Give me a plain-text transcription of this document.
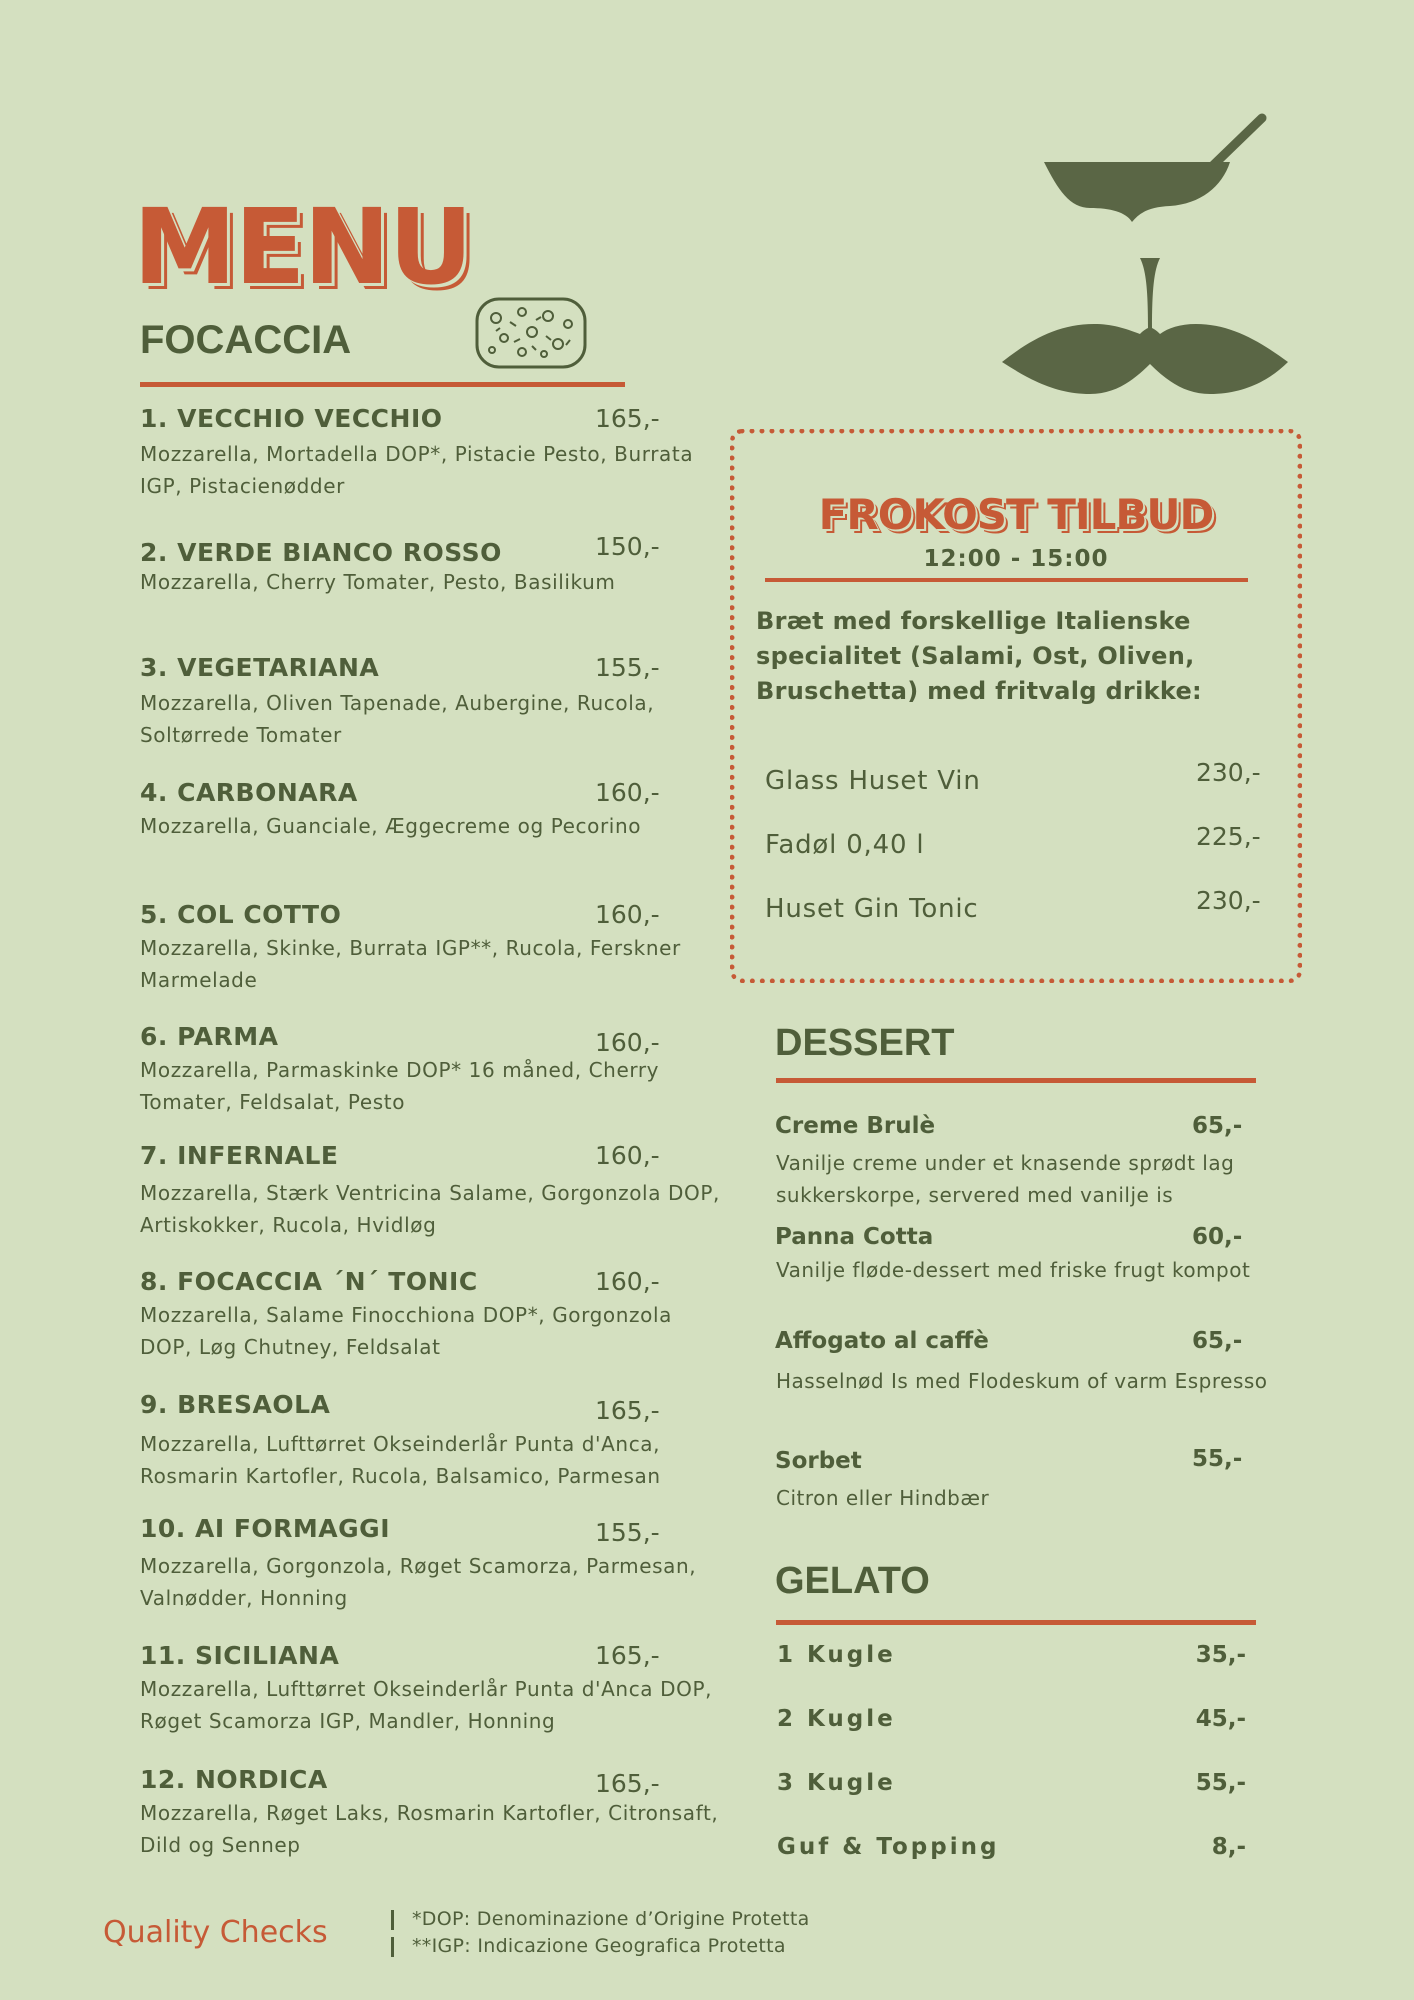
MENU
FOCACCIA
1. VECCHIO VECCHIO	165,-
Mozzarella, Mortadella DOP*, Pistacie Pesto, Burrata IGP, Pistacienødder
2. VERDE BIANCO ROSSO	150,-
Mozzarella, Cherry Tomater, Pesto, Basilikum
3. VEGETARIANA	155,-
Mozzarella, Oliven Tapenade, Aubergine, Rucola, Soltørrede Tomater
4. CARBONARA	160,-
Mozzarella, Guanciale, Æggecreme og Pecorino
5. COL COTTO	160,-
Mozzarella, Skinke, Burrata IGP**, Rucola, Ferskner Marmelade
6. PARMA	160,-
Mozzarella, Parmaskinke DOP* 16 måned, Cherry Tomater, Feldsalat, Pesto
7. INFERNALE	160,-
Mozzarella, Stærk Ventricina Salame, Gorgonzola DOP, Artiskokker, Rucola, Hvidløg
8. FOCACCIA ´N´ TONIC	160,-
Mozzarella, Salame Finocchiona DOP*, Gorgonzola DOP, Løg Chutney, Feldsalat
9. BRESAOLA	165,-
Mozzarella, Lufttørret Okseinderlår Punta d'Anca, Rosmarin Kartofler, Rucola, Balsamico, Parmesan
10. AI FORMAGGI	155,-
Mozzarella, Gorgonzola, Røget Scamorza, Parmesan, Valnødder, Honning
11. SICILIANA	165,-
Mozzarella, Lufttørret Okseinderlår Punta d'Anca DOP, Røget Scamorza IGP, Mandler, Honning
12. NORDICA	165,-
Mozzarella, Røget Laks, Rosmarin Kartofler, Citronsaft, Dild og Sennep
FROKOST TILBUD
12:00 - 15:00
Bræt med forskellige Italienske specialitet (Salami, Ost, Oliven, Bruschetta) med fritvalg drikke:
Glass Huset Vin	230,-
Fadøl 0,40 l	225,-
Huset Gin Tonic	230,-
DESSERT
Creme Brulè	65,-
Vanilje creme under et knasende sprødt lag sukkerskorpe, servered med vanilje is
Panna Cotta	60,-
Vanilje fløde-dessert med friske frugt kompot
Affogato al caffè	65,-
Hasselnød Is med Flodeskum of varm Espresso
Sorbet	55,-
Citron eller Hindbær
GELATO
1 Kugle	35,-
2 Kugle	45,-
3 Kugle	55,-
Guf & Topping	8,-
Quality Checks	*DOP: Denominazione d’Origine Protetta
**IGP: Indicazione Geografica Protetta
